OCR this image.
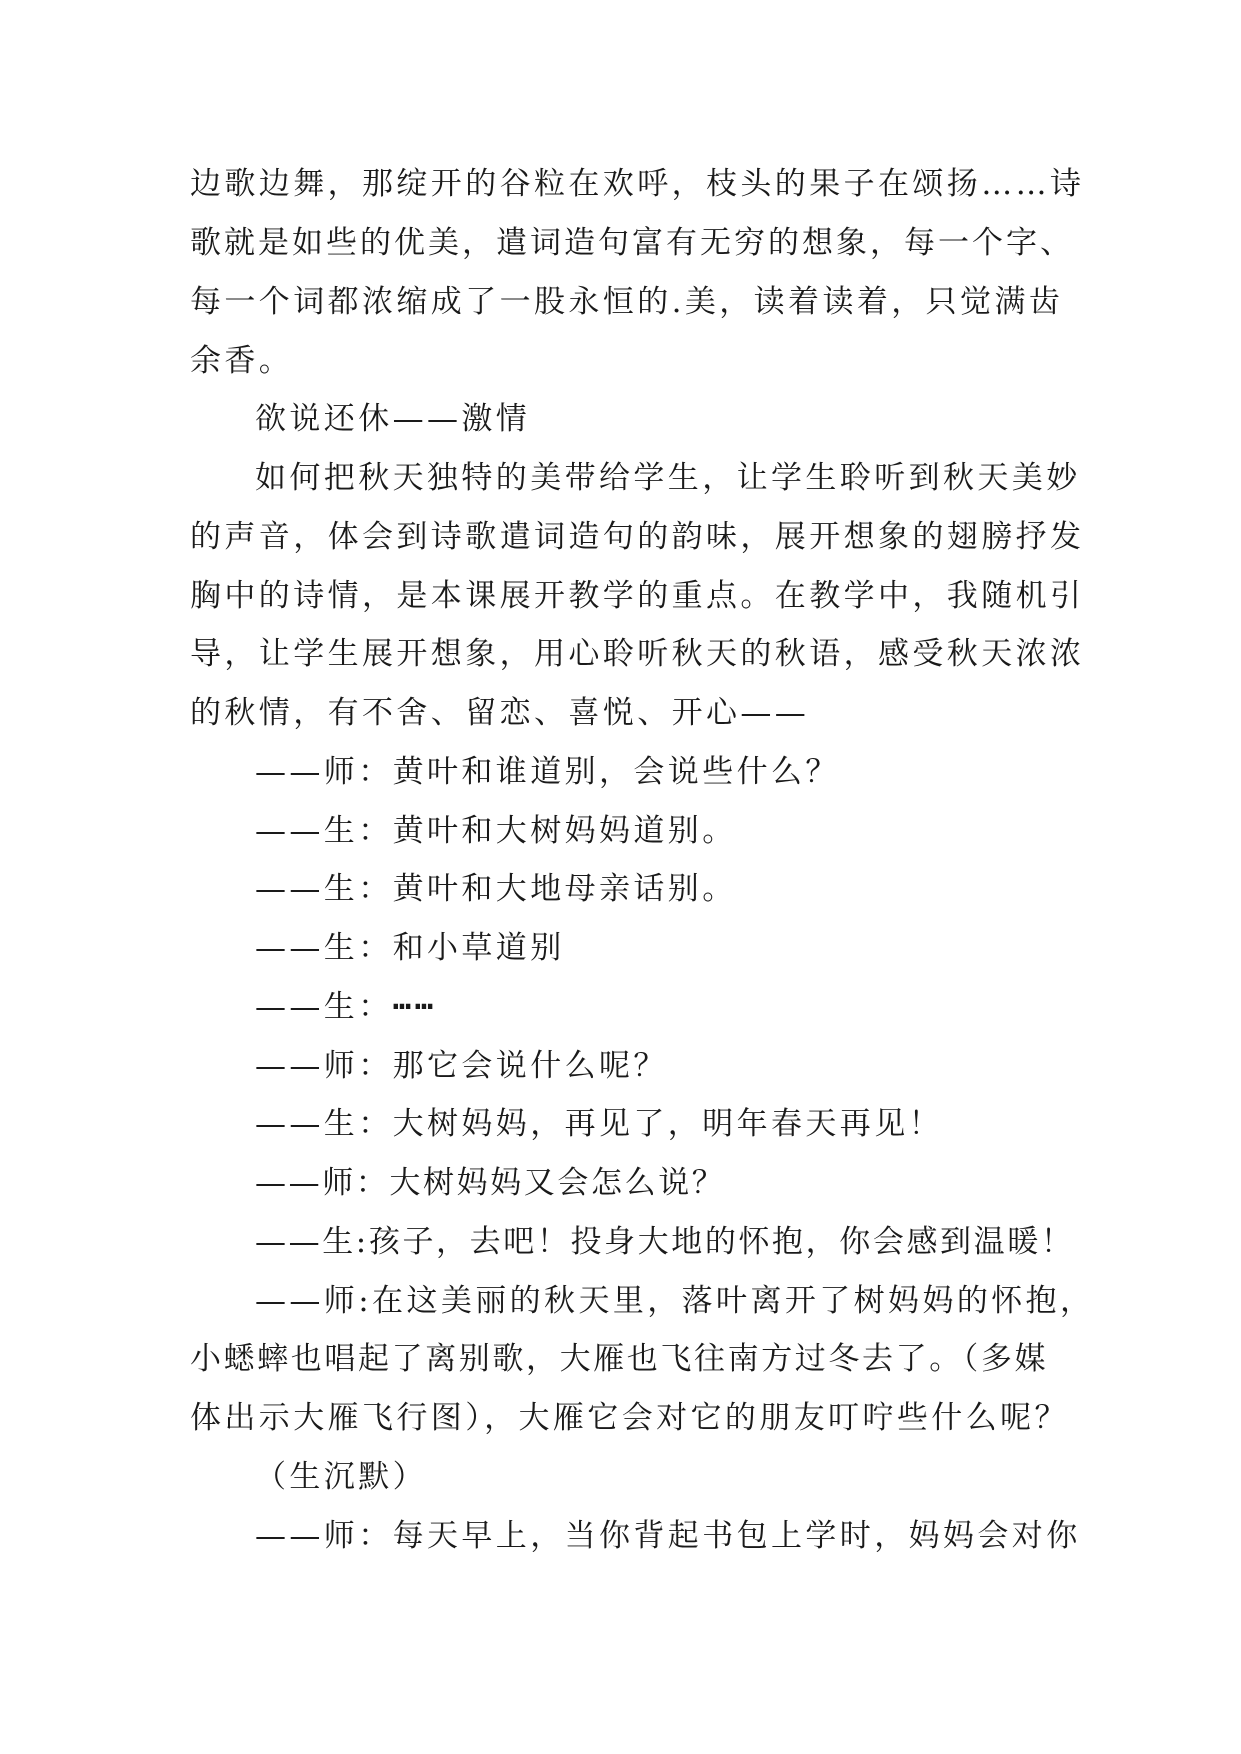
边歌边舞，那绽开的谷粒在欢呼，枝头的果子在颂扬……诗
歌就是如些的优美，遣词造句富有无穷的想象，每一个字、
每一个词都浓缩成了一股永恒的.美，读着读着，只觉满齿
余香。
欲说还休——激情
如何把秋天独特的美带给学生，让学生聆听到秋天美妙
的声音，体会到诗歌遣词造句的韵味，展开想象的翅膀抒发
胸中的诗情，是本课展开教学的重点。在教学中，我随机引
导，让学生展开想象，用心聆听秋天的秋语，感受秋天浓浓
的秋情，有不舍、留恋、喜悦、开心——
——师：黄叶和谁道别，会说些什么？
——生：黄叶和大树妈妈道别。
——生：黄叶和大地母亲话别。
——生：和小草道别
——生：┅┅
——师：那它会说什么呢？
——生：大树妈妈，再见了，明年春天再见！
——师：大树妈妈又会怎么说？
——生:孩子，去吧！投身大地的怀抱，你会感到温暖！
——师:在这美丽的秋天里，落叶离开了树妈妈的怀抱，
小蟋蟀也唱起了离别歌，大雁也飞往南方过冬去了。（多媒
体出示大雁飞行图），大雁它会对它的朋友叮咛些什么呢？
（生沉默）
——师：每天早上，当你背起书包上学时，妈妈会对你
